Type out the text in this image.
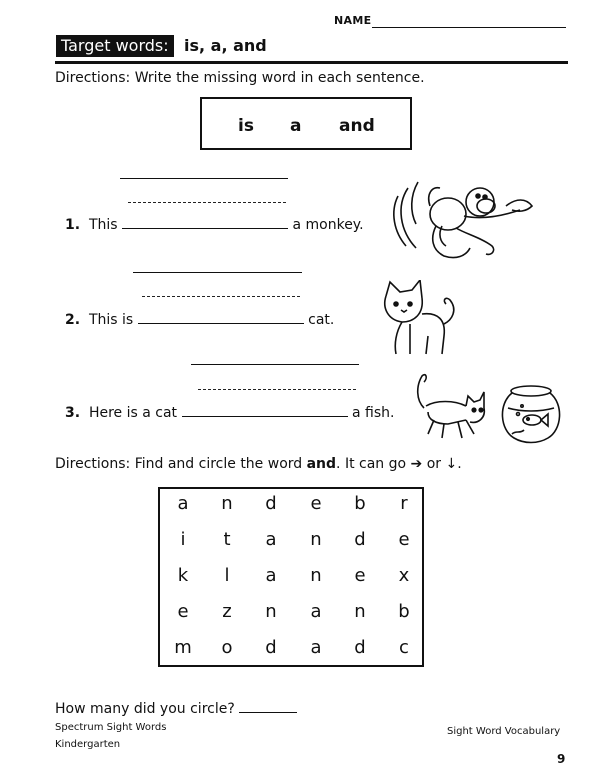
NAME
Target words: is, a, and
Directions: Write the missing word in each sentence.
is a and
1. This	a monkey.
2. This is	cat.
3. Here is a cat	a fish.
Directions: Find and circle the word and. It can go ➔ or ↓.
a	n	d	e	b	r
i	t	a	n	d	e
k	l	a	n	e	x
e	z	n	a	n	b
m	o	d	a	d	c
How many did you circle?
Spectrum Sight Words
Kindergarten
Sight Word Vocabulary
9
